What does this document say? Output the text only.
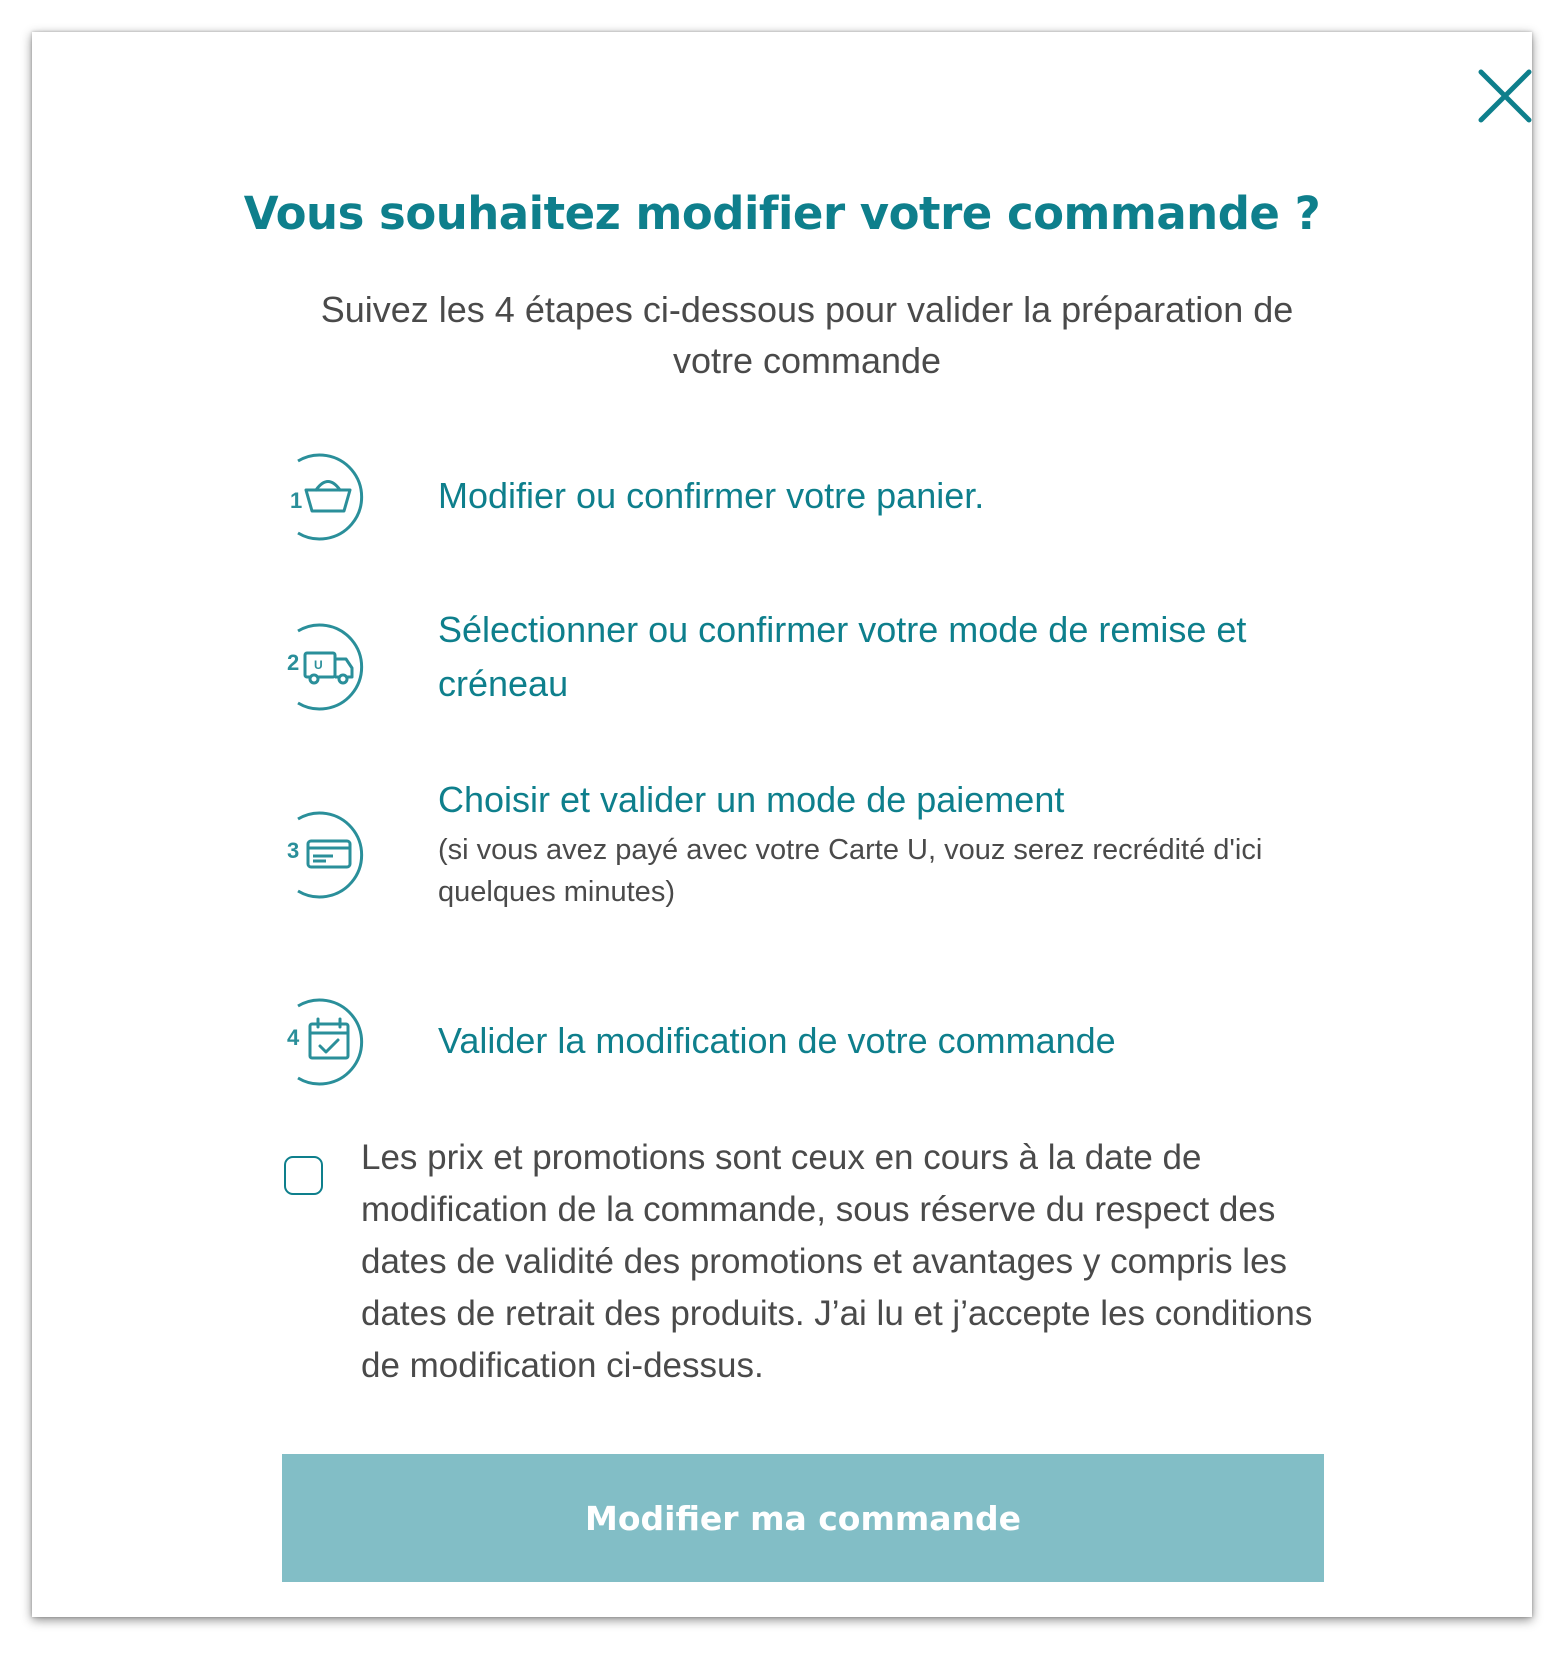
Vous souhaitez modifier votre commande ?
Suivez les 4 étapes ci-dessous pour valider la préparation de votre commande
1	Modifier ou confirmer votre panier.
2 U
Sélectionner ou confirmer votre mode de remise et créneau
3
Choisir et valider un mode de paiement
(si vous avez payé avec votre Carte U, vouz serez recrédité d'ici quelques minutes)
4	Valider la modification de votre commande
Les prix et promotions sont ceux en cours à la date de modification de la commande, sous réserve du respect des dates de validité des promotions et avantages y compris les dates de retrait des produits. J’ai lu et j’accepte les conditions de modification ci-dessus.
Modifier ma commande
